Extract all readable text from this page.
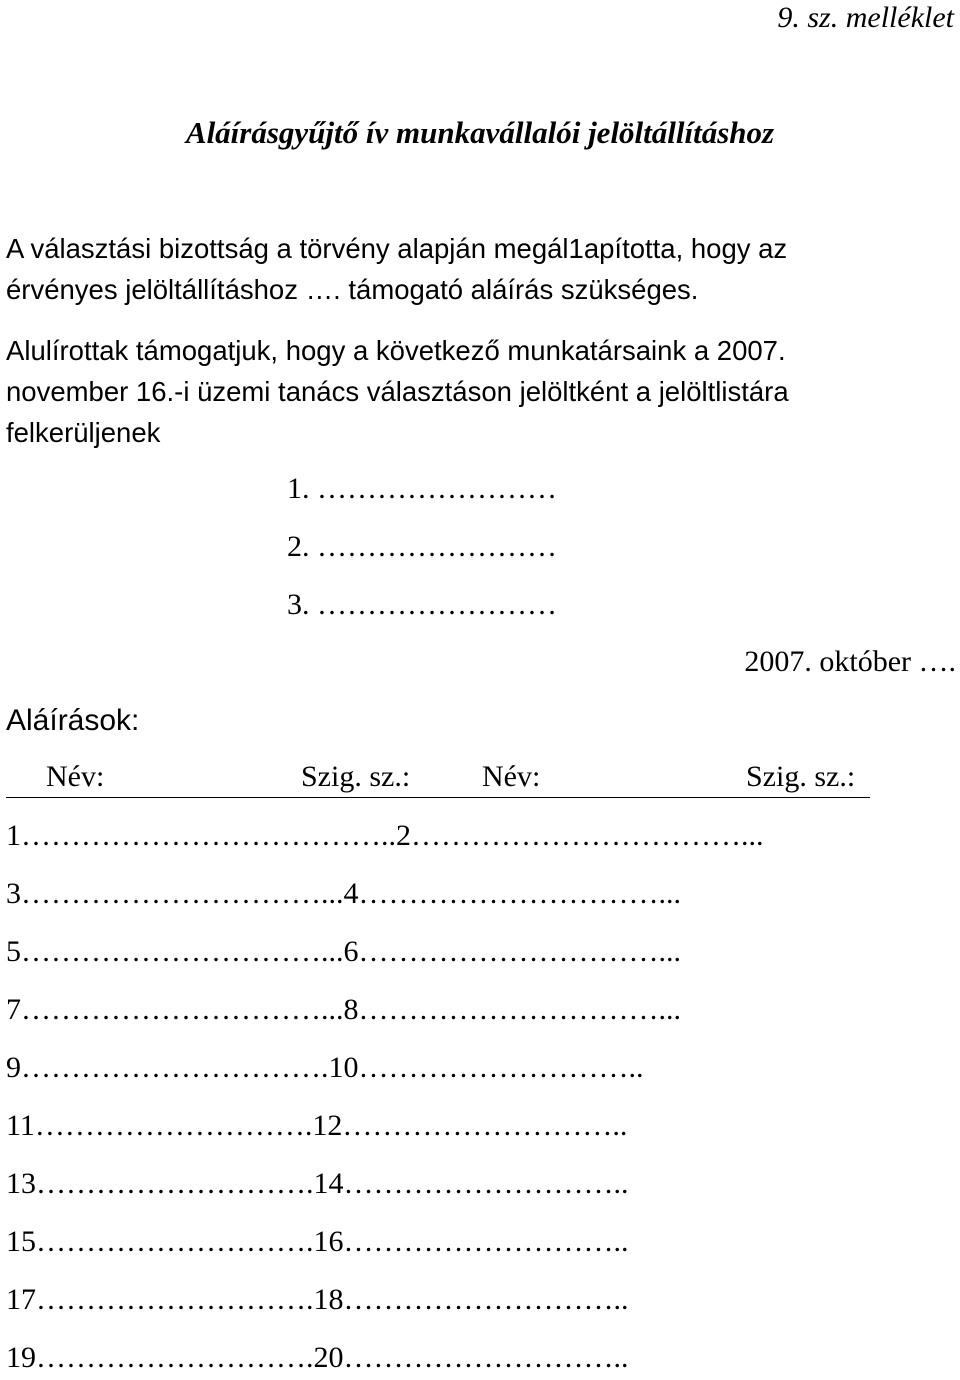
9. sz. melléklet
Aláírásgyűjtő ív munkavállalói jelöltállításhoz

A választási bizottság a törvény alapján megál1apította, hogy az
érvényes jelöltállításhoz …. támogató aláírás szükséges.

Alulírottak támogatjuk, hogy a következő munkatársaink a 2007.
november 16.-i üzemi tanács választáson jelöltként a jelöltlistára
felkerüljenek

1. ……………………
2. ……………………
3. ……………………
2007. október ….
Aláírások:
Név:	Szig. sz.: Név:	Szig. sz.:
1………………………………..2……………………………...
3…………………………...4…………………………...
5…………………………...6…………………………...
7…………………………...8…………………………...
9………………………….10………………………..
11……………………….12………………………..
13……………………….14………………………..
15……………………….16………………………..
17……………………….18………………………..
19……………………….20………………………..
